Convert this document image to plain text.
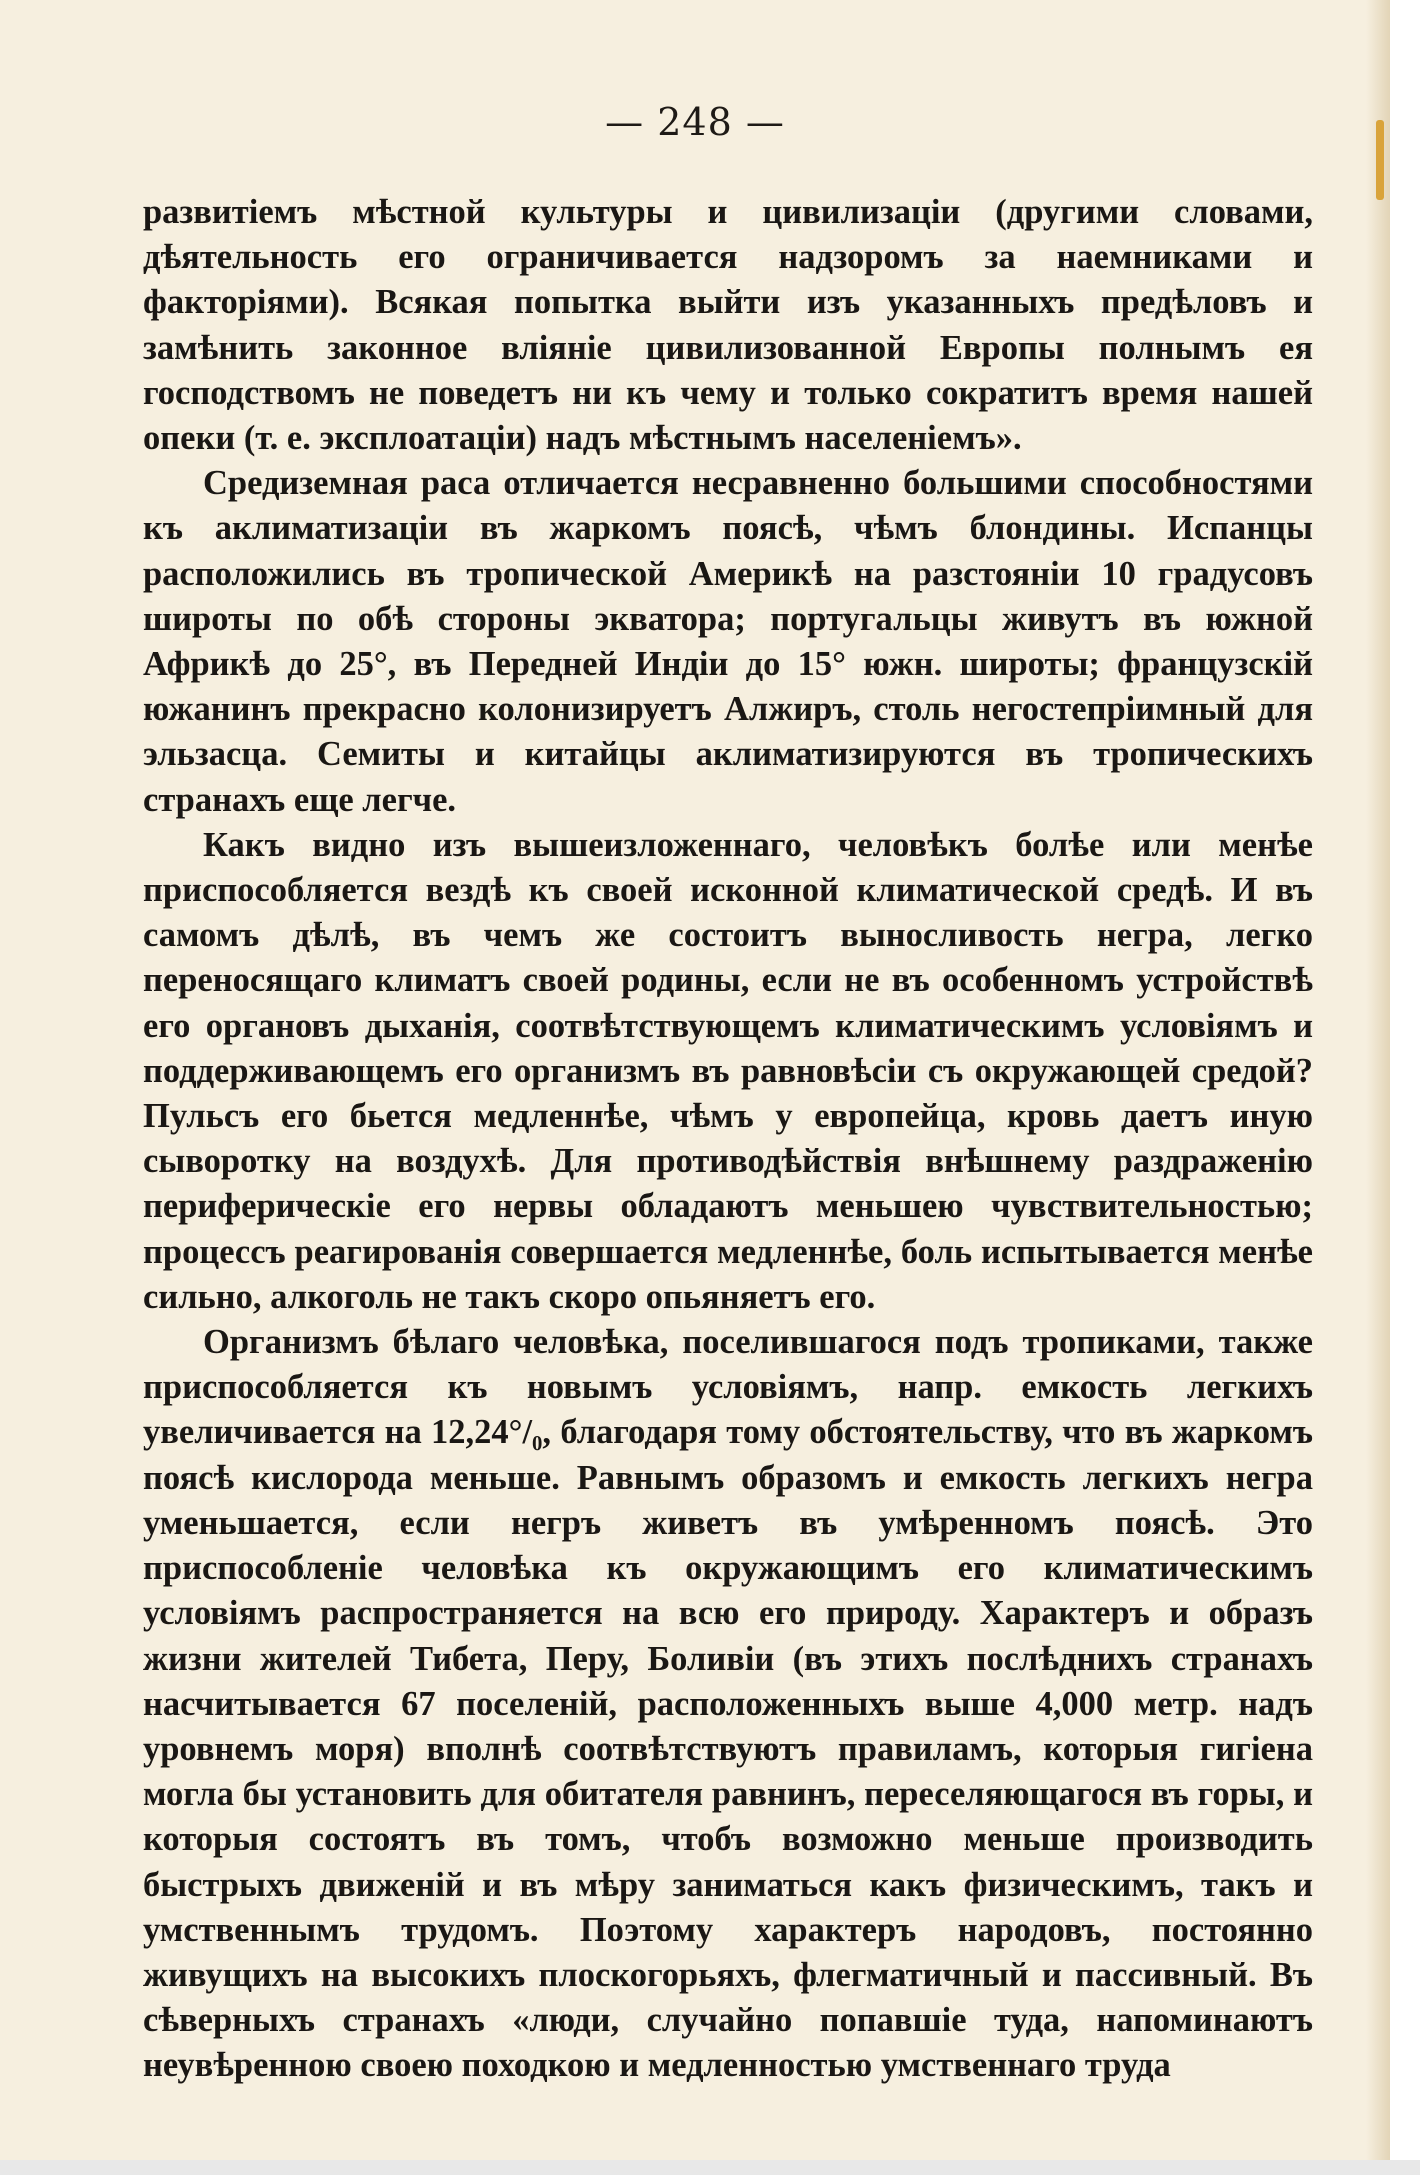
— 248 —

развитіемъ мѣстной культуры и цивилизаціи (другими словами, дѣятельность его ограничивается надзоромъ за наемниками и факторіями). Всякая попытка выйти изъ указанныхъ предѣловъ и замѣнить законное вліяніе цивилизованной Европы полнымъ ея господствомъ не поведетъ ни къ чему и только сократитъ время нашей опеки (т. е. эксплоатаціи) надъ мѣстнымъ населеніемъ».

Средиземная раса отличается несравненно большими способностями къ аклиматизаціи въ жаркомъ поясѣ, чѣмъ блондины. Испанцы расположились въ тропической Америкѣ на разстояніи 10 градусовъ широты по обѣ стороны экватора; португальцы живутъ въ южной Африкѣ до 25°, въ Передней Индіи до 15° южн. широты; французскій южанинъ прекрасно колонизируетъ Алжиръ, столь негостепріимный для эльзасца. Семиты и китайцы аклиматизируются въ тропическихъ странахъ еще легче.

Какъ видно изъ вышеизложеннаго, человѣкъ болѣе или менѣе приспособляется вездѣ къ своей исконной климатической средѣ. И въ самомъ дѣлѣ, въ чемъ же состоитъ выносливость негра, легко переносящаго климатъ своей родины, если не въ особенномъ устройствѣ его органовъ дыханія, соотвѣтствующемъ климатическимъ условіямъ и поддерживающемъ его организмъ въ равновѣсіи съ окружающей средой? Пульсъ его бьется медленнѣе, чѣмъ у европейца, кровь даетъ иную сыворотку на воздухѣ. Для противодѣйствія внѣшнему раздраженію периферическіе его нервы обладаютъ меньшею чувствительностью; процессъ реагированія совершается медленнѣе, боль испытывается менѣе сильно, алкоголь не такъ скоро опьяняетъ его.

Организмъ бѣлаго человѣка, поселившагося подъ тропиками, также приспособляется къ новымъ условіямъ, напр. емкость легкихъ увеличивается на 12,24°/₀, благодаря тому обстоятельству, что въ жаркомъ поясѣ кислорода меньше. Равнымъ образомъ и емкость легкихъ негра уменьшается, если негръ живетъ въ умѣренномъ поясѣ. Это приспособленіе человѣка къ окружающимъ его климатическимъ условіямъ распространяется на всю его природу. Характеръ и образъ жизни жителей Тибета, Перу, Боливіи (въ этихъ послѣднихъ странахъ насчитывается 67 поселеній, расположенныхъ выше 4,000 метр. надъ уровнемъ моря) вполнѣ соотвѣтствуютъ правиламъ, которыя гигіена могла бы установить для обитателя равнинъ, переселяющагося въ горы, и которыя состоятъ въ томъ, чтобъ возможно меньше производить быстрыхъ движеній и въ мѣру заниматься какъ физическимъ, такъ и умственнымъ трудомъ. Поэтому характеръ народовъ, постоянно живущихъ на высокихъ плоскогорьяхъ, флегматичный и пассивный. Въ сѣверныхъ странахъ «люди, случайно попавшіе туда, напоминаютъ неувѣренною своею походкою и медленностью умственнаго труда
